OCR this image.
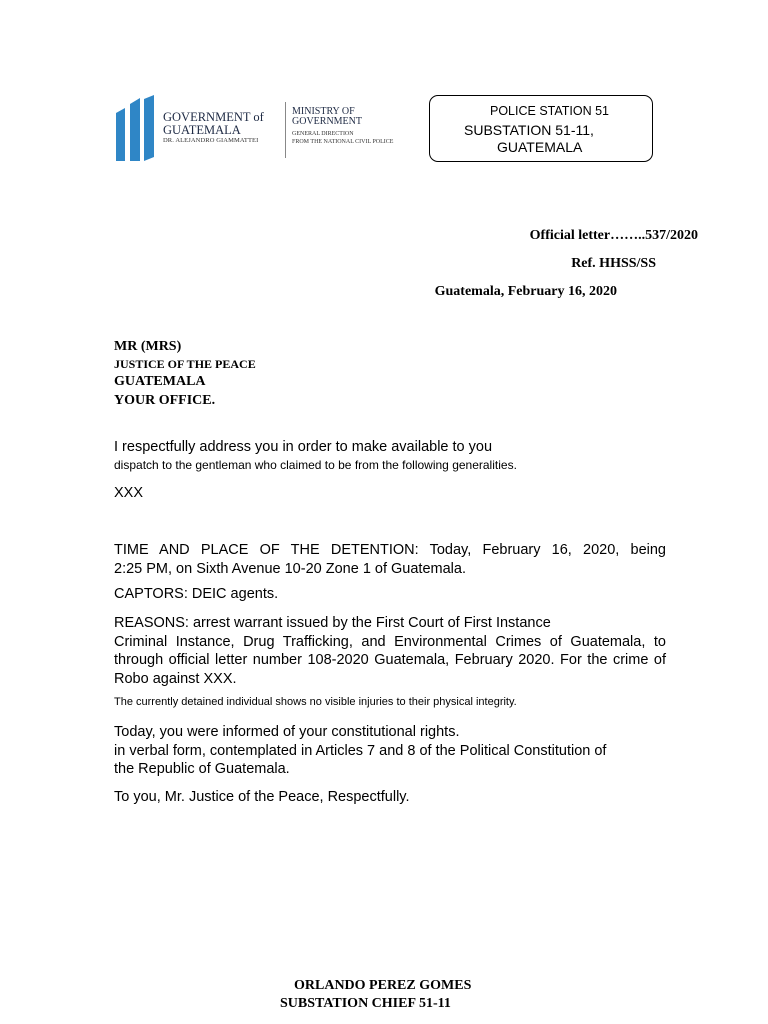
GOVERNMENT of
GUATEMALA
DR. ALEJANDRO GIAMMATTEI
MINISTRY OF
GOVERNMENT
GENERAL DIRECTION
FROM THE NATIONAL CIVIL POLICE
POLICE STATION 51
SUBSTATION 51-11,
GUATEMALA
Official letter……..537/2020
Ref. HHSS/SS
Guatemala, February 16, 2020
MR (MRS)
JUSTICE OF THE PEACE
GUATEMALA
YOUR OFFICE.
I respectfully address you in order to make available to you
dispatch to the gentleman who claimed to be from the following generalities.
XXX
TIME AND PLACE OF THE DETENTION: Today, February 16, 2020, being
2:25 PM, on Sixth Avenue 10-20 Zone 1 of Guatemala.
CAPTORS: DEIC agents.
REASONS: arrest warrant issued by the First Court of First Instance
Criminal Instance, Drug Trafficking, and Environmental Crimes of Guatemala, to
through official letter number 108-2020 Guatemala, February 2020. For the crime of
Robo against XXX.
The currently detained individual shows no visible injuries to their physical integrity.
Today, you were informed of your constitutional rights.
in verbal form, contemplated in Articles 7 and 8 of the Political Constitution of
the Republic of Guatemala.
To you, Mr. Justice of the Peace, Respectfully.
ORLANDO PEREZ GOMES
SUBSTATION CHIEF 51-11
